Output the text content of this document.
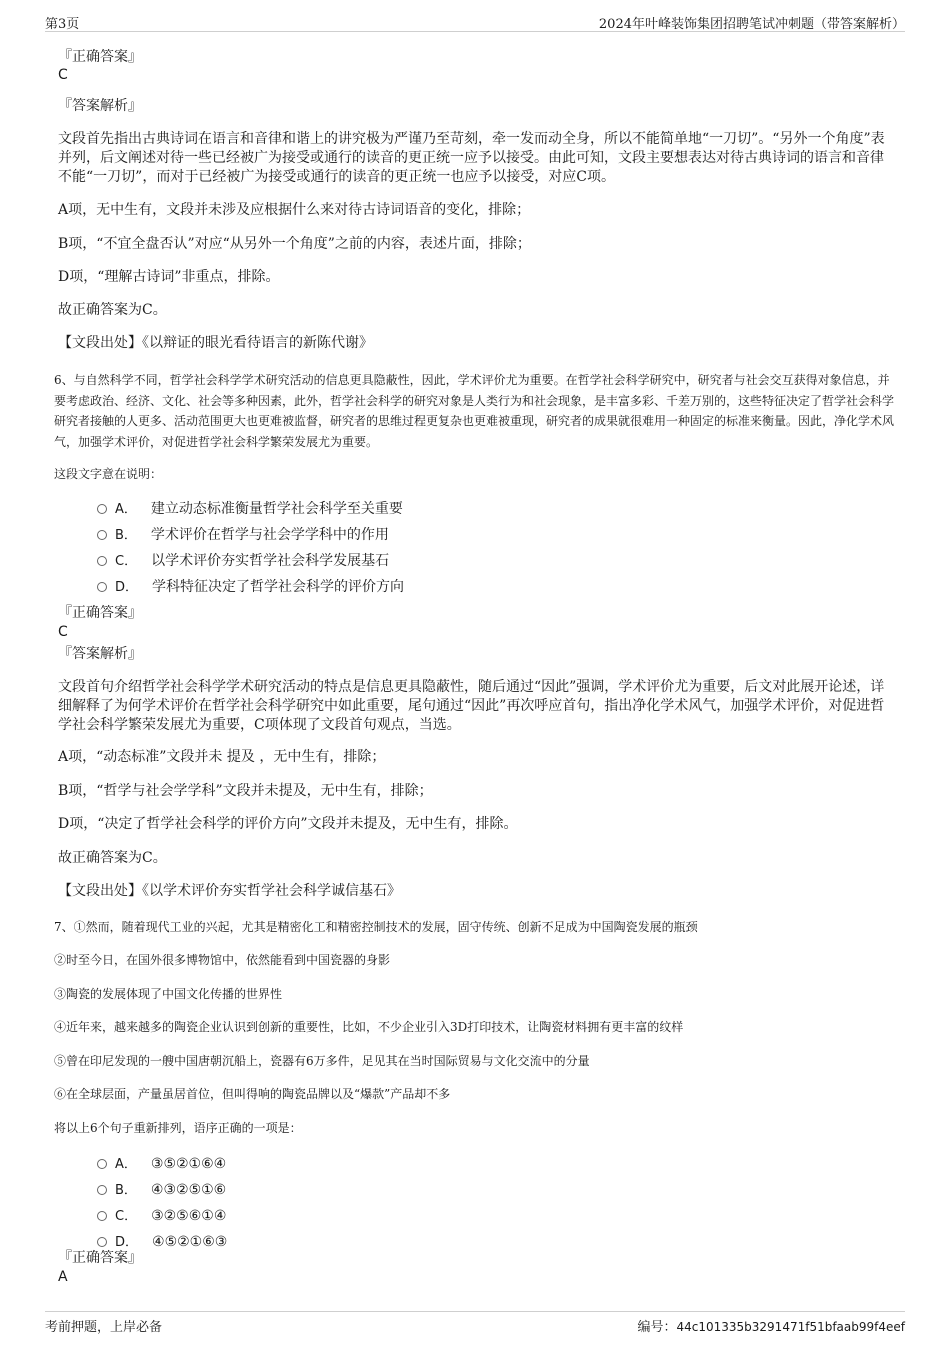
第3页	2024年叶峰装饰集团招聘笔试冲刺题（带答案解析）
『正确答案』
C
『答案解析』
文段首先指出古典诗词在语言和音律和谐上的讲究极为严谨乃至苛刻，牵一发而动全身，所以不能简单地“一刀切”。“另外一个角度”表并列，后文阐述对待一些已经被广为接受或通行的读音的更正统一应予以接受。由此可知，文段主要想表达对待古典诗词的语言和音律不能“一刀切”，而对于已经被广为接受或通行的读音的更正统一也应予以接受，对应C项。
A项，无中生有，文段并未涉及应根据什么来对待古诗词语音的变化，排除；
B项，“不宜全盘否认”对应“从另外一个角度”之前的内容，表述片面，排除；
D项，“理解古诗词”非重点，排除。
故正确答案为C。
【文段出处】《以辩证的眼光看待语言的新陈代谢》
6、与自然科学不同，哲学社会科学学术研究活动的信息更具隐蔽性，因此，学术评价尤为重要。在哲学社会科学研究中，研究者与社会交互获得对象信息，并要考虑政治、经济、文化、社会等多种因素，此外，哲学社会科学的研究对象是人类行为和社会现象，是丰富多彩、千差万别的，这些特征决定了哲学社会科学研究者接触的人更多、活动范围更大也更难被监督，研究者的思维过程更复杂也更难被重现，研究者的成果就很难用一种固定的标准来衡量。因此，净化学术风气，加强学术评价，对促进哲学社会科学繁荣发展尤为重要。
这段文字意在说明：
A． 建立动态标准衡量哲学社会科学至关重要
B． 学术评价在哲学与社会学学科中的作用
C． 以学术评价夯实哲学社会科学发展基石
D． 学科特征决定了哲学社会科学的评价方向
『正确答案』
C
『答案解析』
文段首句介绍哲学社会科学学术研究活动的特点是信息更具隐蔽性，随后通过“因此”强调，学术评价尤为重要，后文对此展开论述，详细解释了为何学术评价在哲学社会科学研究中如此重要，尾句通过“因此”再次呼应首句，指出净化学术风气，加强学术评价，对促进哲学社会科学繁荣发展尤为重要，C项体现了文段首句观点，当选。
A项，“动态标准”文段并未 提及 ，无中生有，排除；
B项，“哲学与社会学学科”文段并未提及，无中生有，排除；
D项，“决定了哲学社会科学的评价方向”文段并未提及，无中生有，排除。
故正确答案为C。
【文段出处】《以学术评价夯实哲学社会科学诚信基石》
7、①然而，随着现代工业的兴起，尤其是精密化工和精密控制技术的发展，固守传统、创新不足成为中国陶瓷发展的瓶颈
②时至今日，在国外很多博物馆中，依然能看到中国瓷器的身影
③陶瓷的发展体现了中国文化传播的世界性
④近年来，越来越多的陶瓷企业认识到创新的重要性，比如，不少企业引入3D打印技术，让陶瓷材料拥有更丰富的纹样
⑤曾在印尼发现的一艘中国唐朝沉船上，瓷器有6万多件，足见其在当时国际贸易与文化交流中的分量
⑥在全球层面，产量虽居首位，但叫得响的陶瓷品牌以及“爆款”产品却不多
将以上6个句子重新排列，语序正确的一项是：
A． ③⑤②①⑥④
B． ④③②⑤①⑥
C． ③②⑤⑥①④
D． ④⑤②①⑥③
『正确答案』
A
考前押题，上岸必备	编号：44c101335b3291471f51bfaab99f4eef
